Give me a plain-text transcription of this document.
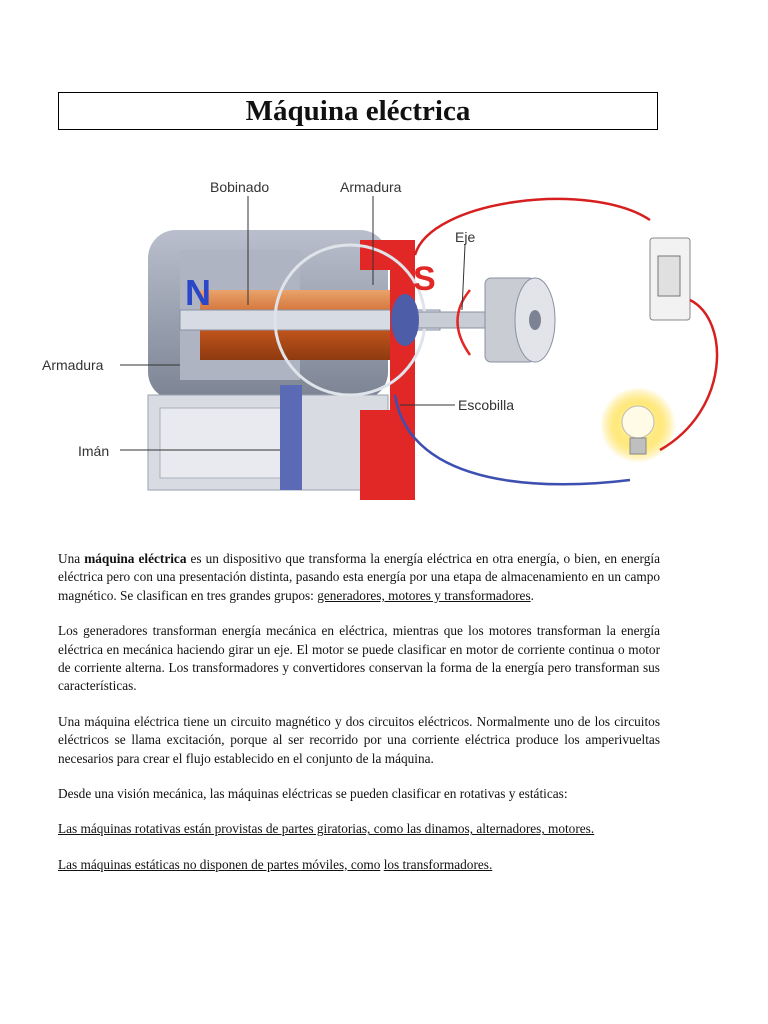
Máquina eléctrica
N	S
Bobinado	Armadura
Eje
Armadura
Escobilla
Imán

Una máquina eléctrica es un dispositivo que transforma la energía eléctrica en otra energía, o bien, en energía eléctrica pero con una presentación distinta, pasando esta energía por una etapa de almacenamiento en un campo magnético. Se clasifican en tres grandes grupos: generadores, motores y transformadores.

Los generadores transforman energía mecánica en eléctrica, mientras que los motores transforman la energía eléctrica en mecánica haciendo girar un eje. El motor se puede clasificar en motor de corriente continua o motor de corriente alterna. Los transformadores y convertidores conservan la forma de la energía pero transforman sus características.

Una máquina eléctrica tiene un circuito magnético y dos circuitos eléctricos. Normalmente uno de los circuitos eléctricos se llama excitación, porque al ser recorrido por una corriente eléctrica produce los amperivueltas necesarios para crear el flujo establecido en el conjunto de la máquina.

Desde una visión mecánica, las máquinas eléctricas se pueden clasificar en rotativas y estáticas:

Las máquinas rotativas están provistas de partes giratorias, como las dinamos, alternadores, motores.

Las máquinas estáticas no disponen de partes móviles, como los transformadores.
